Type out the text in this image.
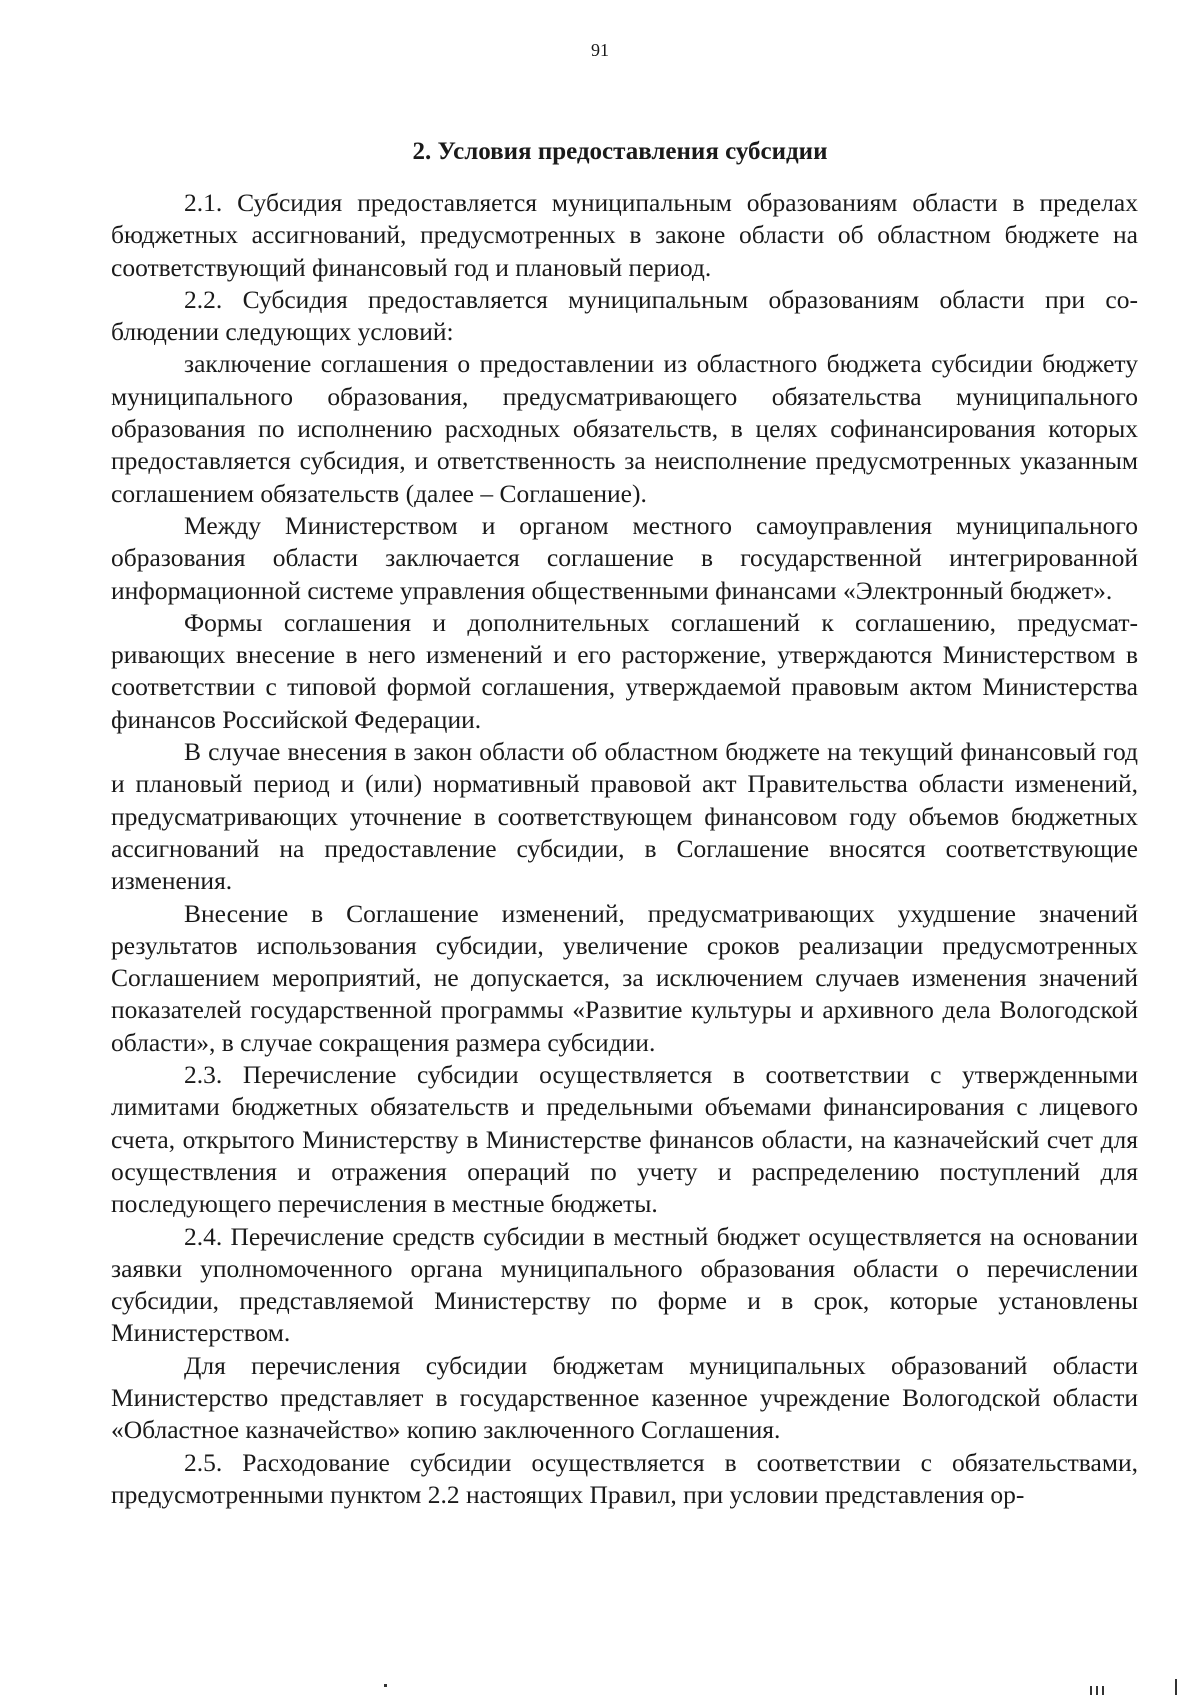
91
2. Условия предоставления субсидии

2.1. Субсидия предоставляется муниципальным образованиям области в пределах бюджетных ассигнований, предусмотренных в законе области об областном бюджете на соответствующий финансовый год и плановый период.

2.2. Субсидия предоставляется муниципальным образованиям области при соблюдении следующих условий:

заключение соглашения о предоставлении из областного бюджета субсидии бюджету муниципального образования, предусматривающего обязательства муниципального образования по исполнению расходных обязательств, в целях софинансирования которых предоставляется субсидия, и ответственность за неисполнение предусмотренных указанным соглашением обязательств (далее – Соглашение).

Между Министерством и органом местного самоуправления муниципального образования области заключается соглашение в государственной интегрированной информационной системе управления общественными финансами «Электронный бюджет».

Формы соглашения и дополнительных соглашений к соглашению, предусматривающих внесение в него изменений и его расторжение, утверждаются Министерством в соответствии с типовой формой соглашения, утверждаемой правовым актом Министерства финансов Российской Федерации.

В случае внесения в закон области об областном бюджете на текущий финансовый год и плановый период и (или) нормативный правовой акт Правительства области изменений, предусматривающих уточнение в соответствующем финансовом году объемов бюджетных ассигнований на предоставление субсидии, в Соглашение вносятся соответствующие изменения.

Внесение в Соглашение изменений, предусматривающих ухудшение значений результатов использования субсидии, увеличение сроков реализации предусмотренных Соглашением мероприятий, не допускается, за исключением случаев изменения значений показателей государственной программы «Развитие культуры и архивного дела Вологодской области», в случае сокращения размера субсидии.

2.3. Перечисление субсидии осуществляется в соответствии с утвержденными лимитами бюджетных обязательств и предельными объемами финансирования с лицевого счета, открытого Министерству в Министерстве финансов области, на казначейский счет для осуществления и отражения операций по учету и распределению поступлений для последующего перечисления в местные бюджеты.

2.4. Перечисление средств субсидии в местный бюджет осуществляется на основании заявки уполномоченного органа муниципального образования области о перечислении субсидии, представляемой Министерству по форме и в срок, которые установлены Министерством.

Для перечисления субсидии бюджетам муниципальных образований области Министерство представляет в государственное казенное учреждение Вологодской области «Областное казначейство» копию заключенного Соглашения.

2.5. Расходование субсидии осуществляется в соответствии с обязательствами, предусмотренными пунктом 2.2 настоящих Правил, при условии представления ор-
